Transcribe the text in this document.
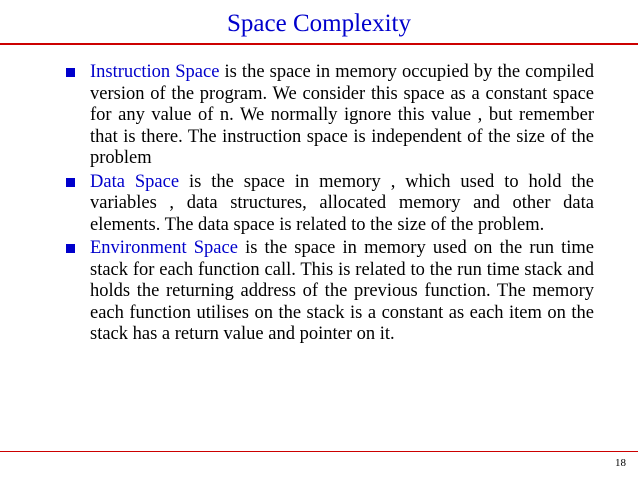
Space Complexity
Instruction Space is the space in memory occupied by the compiled version of the program. We consider this space as a constant space for any value of n. We normally ignore this value , but remember that is there. The instruction space is independent of the size of the problem
Data Space is the space in memory , which used to hold the variables , data structures, allocated memory and other data elements. The data space is related to the size of the problem.
Environment Space is the space in memory used on the run time stack for each function call. This is related to the run time stack and holds the returning address of the previous function. The memory each function utilises on the stack is a constant as each item on the stack has a return value and pointer on it.
18
